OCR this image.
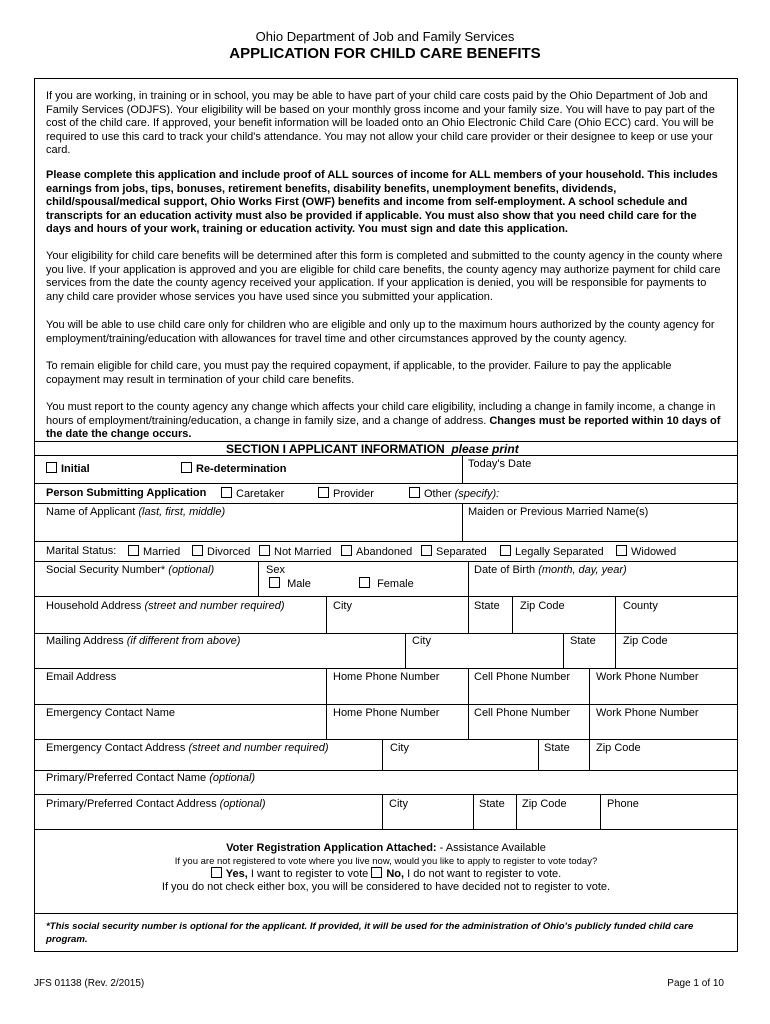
Ohio Department of Job and Family Services
APPLICATION FOR CHILD CARE BENEFITS
If you are working, in training or in school, you may be able to have part of your child care costs paid by the Ohio Department of Job and Family Services (ODJFS). Your eligibility will be based on your monthly gross income and your family size. You will have to pay part of the cost of the child care. If approved, your benefit information will be loaded onto an Ohio Electronic Child Care (Ohio ECC) card. You will be required to use this card to track your child's attendance. You may not allow your child care provider or their designee to keep or use your card.
Please complete this application and include proof of ALL sources of income for ALL members of your household. This includes earnings from jobs, tips, bonuses, retirement benefits, disability benefits, unemployment benefits, dividends, child/spousal/medical support, Ohio Works First (OWF) benefits and income from self-employment. A school schedule and transcripts for an education activity must also be provided if applicable. You must also show that you need child care for the days and hours of your work, training or education activity. You must sign and date this application.
Your eligibility for child care benefits will be determined after this form is completed and submitted to the county agency in the county where you live. If your application is approved and you are eligible for child care benefits, the county agency may authorize payment for child care services from the date the county agency received your application. If your application is denied, you will be responsible for payments to any child care provider whose services you have used since you submitted your application.
You will be able to use child care only for children who are eligible and only up to the maximum hours authorized by the county agency for employment/training/education with allowances for travel time and other circumstances approved by the county agency.
To remain eligible for child care, you must pay the required copayment, if applicable, to the provider. Failure to pay the applicable copayment may result in termination of your child care benefits.
You must report to the county agency any change which affects your child care eligibility, including a change in family income, a change in hours of employment/training/education, a change in family size, and a change of address. Changes must be reported within 10 days of the date the change occurs.
SECTION I APPLICANT INFORMATION please print
Initial	Re-determination	Today's Date
Person Submitting Application	Caretaker	Provider	Other (specify):
Name of Applicant (last, first, middle)	Maiden or Previous Married Name(s)
Marital Status:	Married	Divorced	Not Married	Abandoned	Separated	Legally Separated	Widowed
Social Security Number* (optional)	Sex
Male	Female
Date of Birth (month, day, year)
Household Address (street and number required)	City	State Zip Code	County
Mailing Address (if different from above)	City	State Zip Code
Email Address	Home Phone Number	Cell Phone Number Work Phone Number
Emergency Contact Name	Home Phone Number	Cell Phone Number Work Phone Number
Emergency Contact Address (street and number required)	City	State Zip Code
Primary/Preferred Contact Name (optional)
Primary/Preferred Contact Address (optional)	City	State Zip Code	Phone
Voter Registration Application Attached: - Assistance Available
If you are not registered to vote where you live now, would you like to apply to register to vote today?
Yes, I want to register to vote No, I do not want to register to vote.
If you do not check either box, you will be considered to have decided not to register to vote.
*This social security number is optional for the applicant. If provided, it will be used for the administration of Ohio's publicly funded child care program.
JFS 01138 (Rev. 2/2015)	Page 1 of 10
